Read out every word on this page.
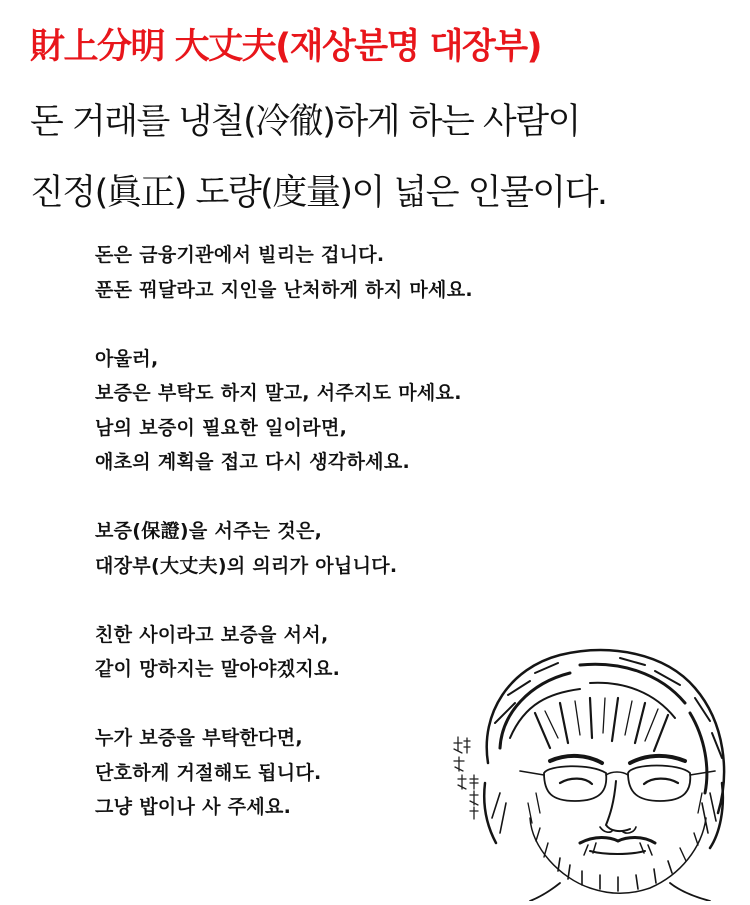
財上分明 大丈夫(재상분명 대장부)
돈 거래를 냉철(冷徹)하게 하는 사람이
진정(眞正) 도량(度量)이 넓은 인물이다.
돈은 금융기관에서 빌리는 겁니다.
푼돈 꿔달라고 지인을 난처하게 하지 마세요.
아울러,
보증은 부탁도 하지 말고, 서주지도 마세요.
남의 보증이 필요한 일이라면,
애초의 계획을 접고 다시 생각하세요.
보증(保證)을 서주는 것은,
대장부(大丈夫)의 의리가 아닙니다.
친한 사이라고 보증을 서서,
같이 망하지는 말아야겠지요.
누가 보증을 부탁한다면,
단호하게 거절해도 됩니다.
그냥 밥이나 사 주세요.
